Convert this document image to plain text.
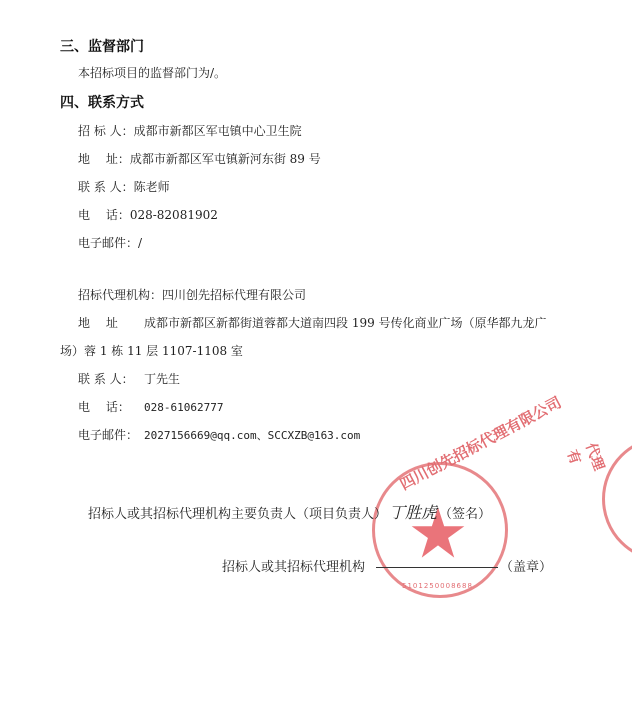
三、监督部门
本招标项目的监督部门为/。
四、联系方式
招 标 人：成都市新都区军屯镇中心卫生院
地　 址：成都市新都区军屯镇新河东街 89 号
联 系 人：陈老师
电　 话：028-82081902
电子邮件：/
招标代理机构：四川创先招标代理有限公司
地　 址 成都市新都区新都街道蓉都大道南四段 199 号传化商业广场（原华都九龙广
场）蓉 1 栋 11 层 1107-1108 室
联 系 人： 丁先生
电　 话： 028-61062777
电子邮件： 2027156669@qq.com、SCCXZB@163.com 四川创先招标代理有限公司
5101250008688
代理有
招标人或其招标代理机构主要负责人（项目负责人） 丁胜虎 （签名）
招标人或其招标代理机构	（盖章）
